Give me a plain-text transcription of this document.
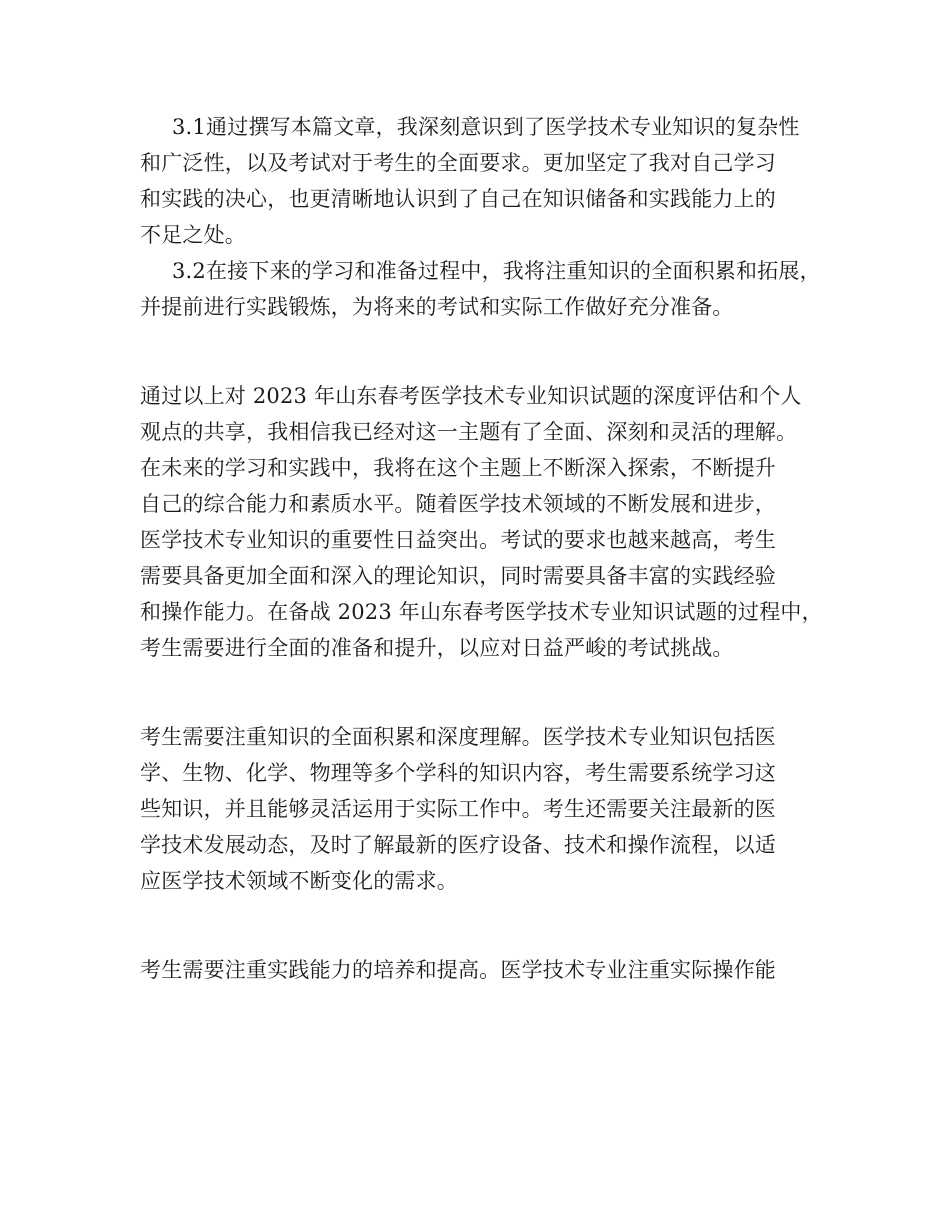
3.1通过撰写本篇文章，我深刻意识到了医学技术专业知识的复杂性

和广泛性，以及考试对于考生的全面要求。更加坚定了我对自己学习

和实践的决心，也更清晰地认识到了自己在知识储备和实践能力上的

不足之处。

3.2在接下来的学习和准备过程中，我将注重知识的全面积累和拓展，

并提前进行实践锻炼，为将来的考试和实际工作做好充分准备。

通过以上对 2023 年山东春考医学技术专业知识试题的深度评估和个人

观点的共享，我相信我已经对这一主题有了全面、深刻和灵活的理解。

在未来的学习和实践中，我将在这个主题上不断深入探索，不断提升

自己的综合能力和素质水平。随着医学技术领域的不断发展和进步，

医学技术专业知识的重要性日益突出。考试的要求也越来越高，考生

需要具备更加全面和深入的理论知识，同时需要具备丰富的实践经验

和操作能力。在备战 2023 年山东春考医学技术专业知识试题的过程中，

考生需要进行全面的准备和提升，以应对日益严峻的考试挑战。

考生需要注重知识的全面积累和深度理解。医学技术专业知识包括医

学、生物、化学、物理等多个学科的知识内容，考生需要系统学习这

些知识，并且能够灵活运用于实际工作中。考生还需要关注最新的医

学技术发展动态，及时了解最新的医疗设备、技术和操作流程，以适

应医学技术领域不断变化的需求。

考生需要注重实践能力的培养和提高。医学技术专业注重实际操作能
